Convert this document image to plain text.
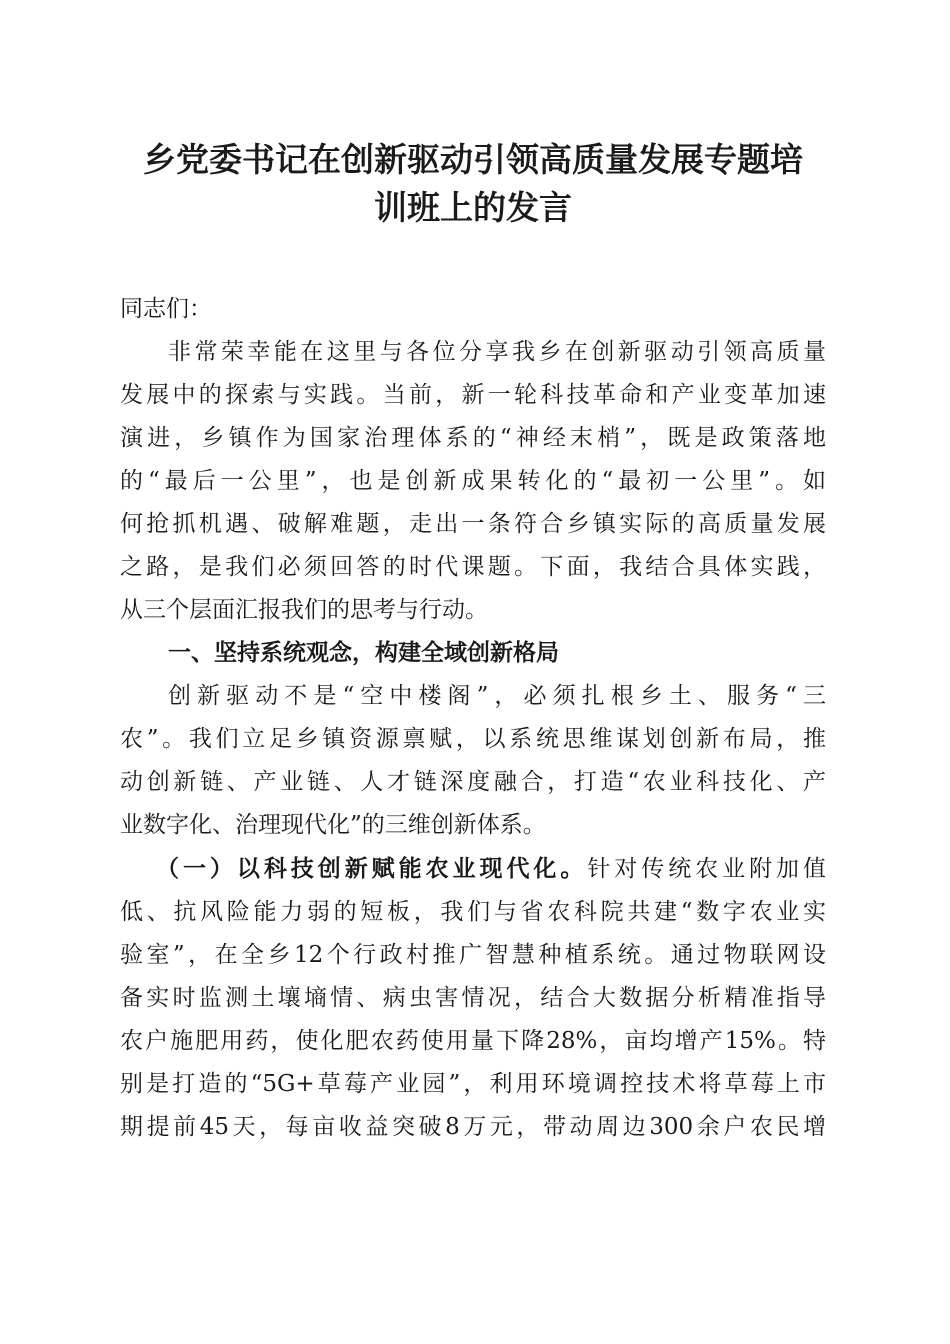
乡党委书记在创新驱动引领高质量发展专题培
训班上的发言

同志们：

非常荣幸能在这里与各位分享我乡在创新驱动引领高质量
发展中的探索与实践。当前，新一轮科技革命和产业变革加速
演进，乡镇作为国家治理体系的“神经末梢”，既是政策落地
的“最后一公里”，也是创新成果转化的“最初一公里”。如
何抢抓机遇、破解难题，走出一条符合乡镇实际的高质量发展
之路，是我们必须回答的时代课题。下面，我结合具体实践，
从三个层面汇报我们的思考与行动。
一、坚持系统观念，构建全域创新格局
创新驱动不是“空中楼阁”，必须扎根乡土、服务“三
农”。我们立足乡镇资源禀赋，以系统思维谋划创新布局，推
动创新链、产业链、人才链深度融合，打造“农业科技化、产
业数字化、治理现代化”的三维创新体系。
（一）以科技创新赋能农业现代化。针对传统农业附加值
低、抗风险能力弱的短板，我们与省农科院共建“数字农业实
验室”，在全乡12个行政村推广智慧种植系统。通过物联网设
备实时监测土壤墒情、病虫害情况，结合大数据分析精准指导
农户施肥用药，使化肥农药使用量下降28%，亩均增产15%。特
别是打造的“5G+草莓产业园”，利用环境调控技术将草莓上市
期提前45天，每亩收益突破8万元，带动周边300余户农民增
